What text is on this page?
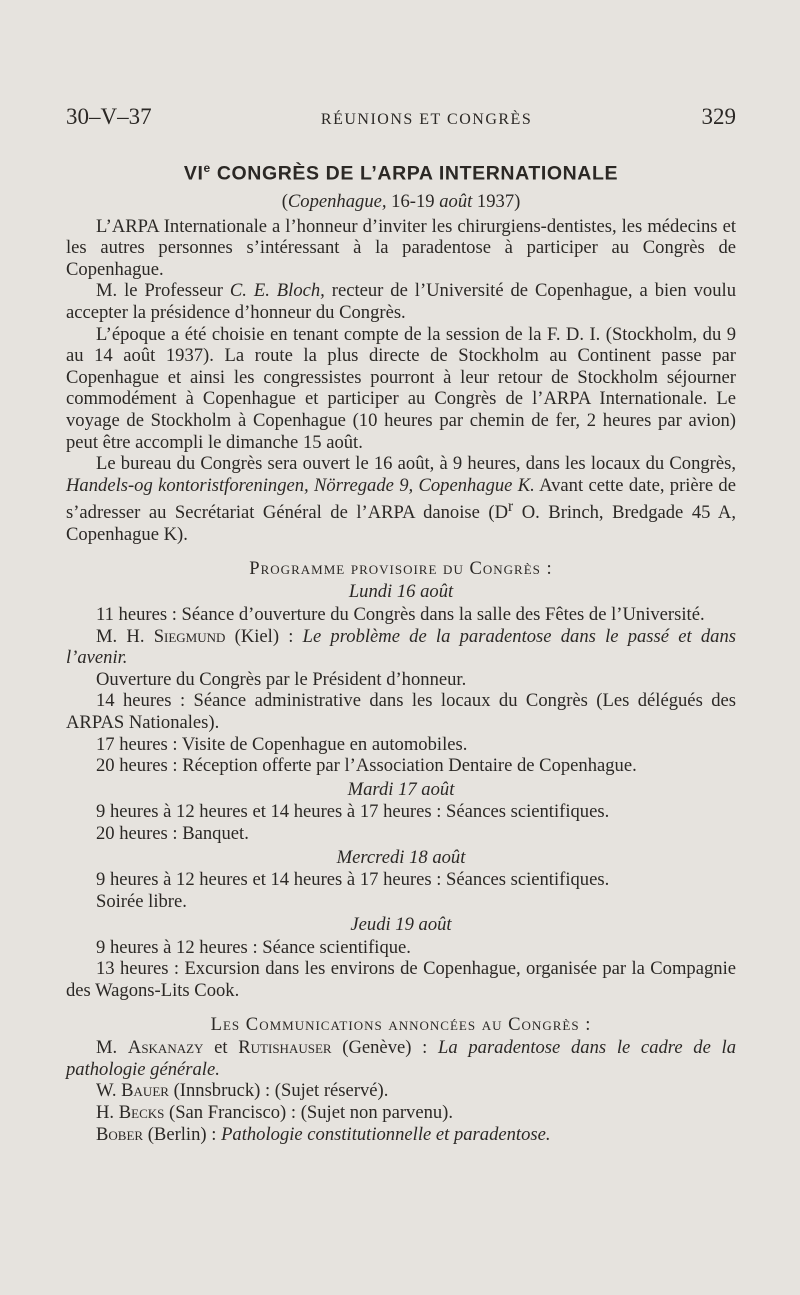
30–V–37	RÉUNIONS ET CONGRÈS	329
VIe CONGRÈS DE L’ARPA INTERNATIONALE
(Copenhague, 16-19 août 1937)

L’ARPA Internationale a l’honneur d’inviter les chirurgiens-dentistes, les médecins et les autres personnes s’intéressant à la paradentose à participer au Congrès de Copenhague.

M. le Professeur C. E. Bloch, recteur de l’Université de Copenhague, a bien voulu accepter la présidence d’honneur du Congrès.

L’époque a été choisie en tenant compte de la session de la F. D. I. (Stockholm, du 9 au 14 août 1937). La route la plus directe de Stockholm au Continent passe par Copenhague et ainsi les congressistes pourront à leur retour de Stockholm séjourner commodément à Copenhague et participer au Congrès de l’ARPA Internationale. Le voyage de Stockholm à Copenhague (10 heures par chemin de fer, 2 heures par avion) peut être accompli le dimanche 15 août.

Le bureau du Congrès sera ouvert le 16 août, à 9 heures, dans les locaux du Congrès, Handels-og kontoristforeningen, Nörregade 9, Copenhague K. Avant cette date, prière de s’adresser au Secrétariat Général de l’ARPA danoise ($D^r$ O. Brinch, Bredgade 45 A, Copenhague K).

Programme provisoire du Congrès :
Lundi 16 août

11 heures : Séance d’ouverture du Congrès dans la salle des Fêtes de l’Université.

M. H. Siegmund (Kiel) : Le problème de la paradentose dans le passé et dans l’avenir.

Ouverture du Congrès par le Président d’honneur.

14 heures : Séance administrative dans les locaux du Congrès (Les délégués des ARPAS Nationales).

17 heures : Visite de Copenhague en automobiles.

20 heures : Réception offerte par l’Association Dentaire de Copenhague.

Mardi 17 août

9 heures à 12 heures et 14 heures à 17 heures : Séances scientifiques.

20 heures : Banquet.

Mercredi 18 août

9 heures à 12 heures et 14 heures à 17 heures : Séances scientifiques.

Soirée libre.

Jeudi 19 août

9 heures à 12 heures : Séance scientifique.

13 heures : Excursion dans les environs de Copenhague, organisée par la Compagnie des Wagons-Lits Cook.

Les Communications annoncées au Congrès :

M. Askanazy et Rutishauser (Genève) : La paradentose dans le cadre de la pathologie générale.

W. Bauer (Innsbruck) : (Sujet réservé).

H. Becks (San Francisco) : (Sujet non parvenu).

Bober (Berlin) : Pathologie constitutionnelle et paradentose.
